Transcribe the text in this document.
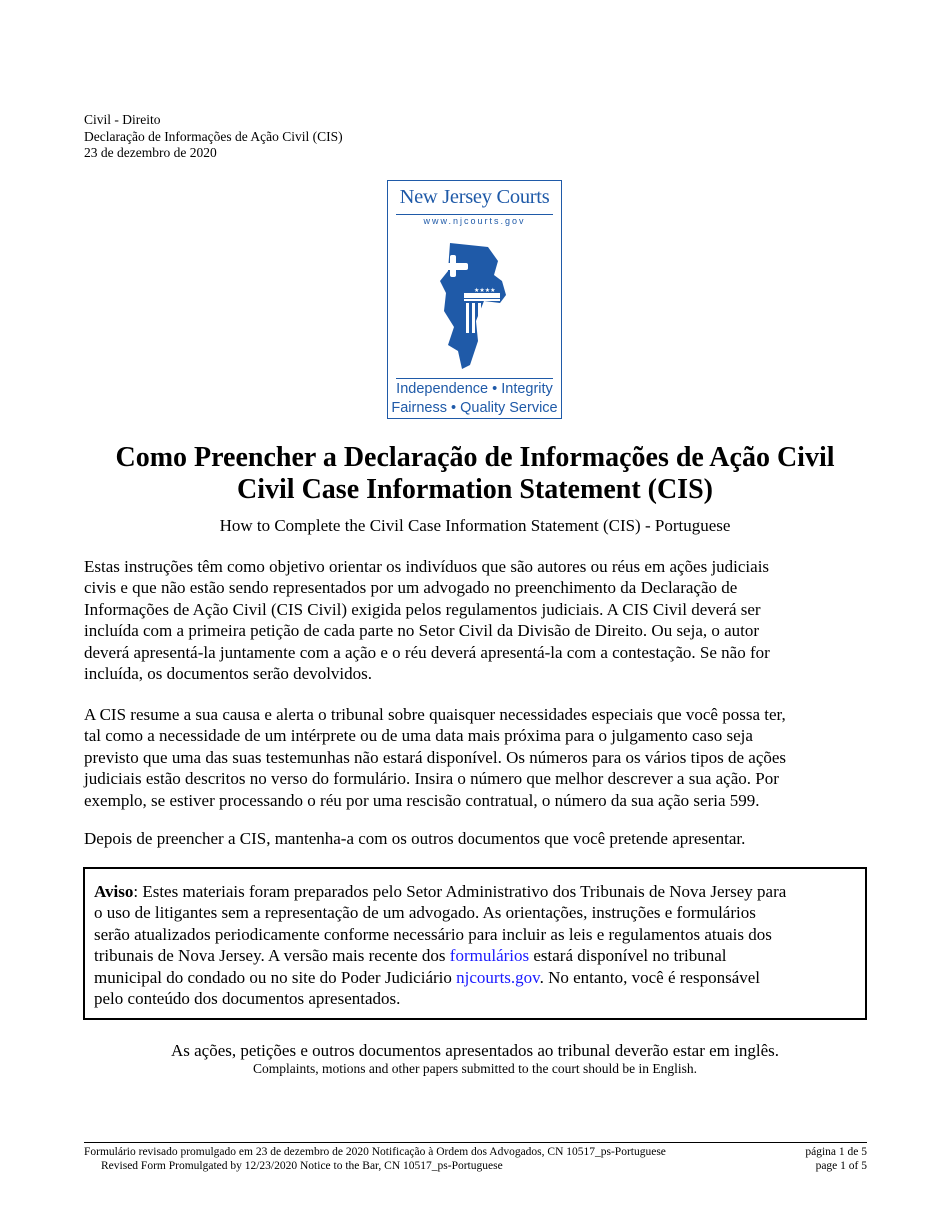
Civil - Direito
Declaração de Informações de Ação Civil (CIS)
23 de dezembro de 2020
New Jersey Courts
www.njcourts.gov
★★★★
Independence • Integrity
Fairness • Quality Service
Como Preencher a Declaração de Informações de Ação Civil
Civil Case Information Statement (CIS)
How to Complete the Civil Case Information Statement (CIS) - Portuguese
Estas instruções têm como objetivo orientar os indivíduos que são autores ou réus em ações judiciais
civis e que não estão sendo representados por um advogado no preenchimento da Declaração de
Informações de Ação Civil (CIS Civil) exigida pelos regulamentos judiciais. A CIS Civil deverá ser
incluída com a primeira petição de cada parte no Setor Civil da Divisão de Direito. Ou seja, o autor
deverá apresentá-la juntamente com a ação e o réu deverá apresentá-la com a contestação. Se não for
incluída, os documentos serão devolvidos.
A CIS resume a sua causa e alerta o tribunal sobre quaisquer necessidades especiais que você possa ter,
tal como a necessidade de um intérprete ou de uma data mais próxima para o julgamento caso seja
previsto que uma das suas testemunhas não estará disponível. Os números para os vários tipos de ações
judiciais estão descritos no verso do formulário. Insira o número que melhor descrever a sua ação. Por
exemplo, se estiver processando o réu por uma rescisão contratual, o número da sua ação seria 599.
Depois de preencher a CIS, mantenha-a com os outros documentos que você pretende apresentar.
Aviso: Estes materiais foram preparados pelo Setor Administrativo dos Tribunais de Nova Jersey para
o uso de litigantes sem a representação de um advogado. As orientações, instruções e formulários
serão atualizados periodicamente conforme necessário para incluir as leis e regulamentos atuais dos
tribunais de Nova Jersey. A versão mais recente dos formulários estará disponível no tribunal
municipal do condado ou no site do Poder Judiciário njcourts.gov. No entanto, você é responsável
pelo conteúdo dos documentos apresentados.
As ações, petições e outros documentos apresentados ao tribunal deverão estar em inglês.
Complaints, motions and other papers submitted to the court should be in English.
Formulário revisado promulgado em 23 de dezembro de 2020 Notificação à Ordem dos Advogados, CN 10517_ps-Portuguese
Revised Form Promulgated by 12/23/2020 Notice to the Bar, CN 10517_ps-Portuguese
página 1 de 5
page 1 of 5
